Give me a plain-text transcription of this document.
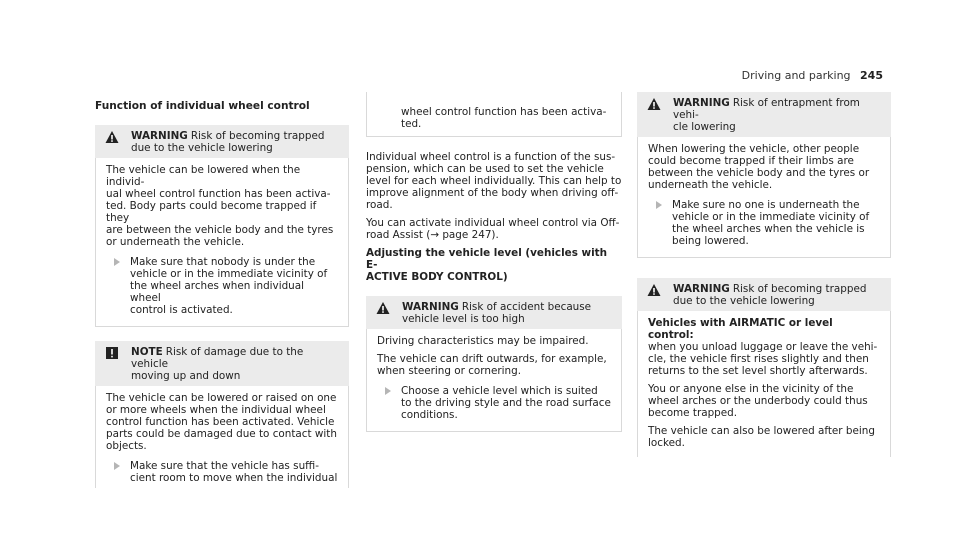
Driving and parking 245
Function of individual wheel control
WARNING Risk of becoming trapped
due to the vehicle lowering

The vehicle can be lowered when the individ-
ual wheel control function has been activa-
ted. Body parts could become trapped if they
are between the vehicle body and the tyres
or underneath the vehicle.

Make sure that nobody is under the
vehicle or in the immediate vicinity of
the wheel arches when individual wheel
control is activated.
NOTE Risk of damage due to the vehicle
moving up and down

The vehicle can be lowered or raised on one
or more wheels when the individual wheel
control function has been activated. Vehicle
parts could be damaged due to contact with
objects.

Make sure that the vehicle has suffi-
cient room to move when the individual
wheel control function has been activa-
ted.

Individual wheel control is a function of the sus-
pension, which can be used to set the vehicle
level for each wheel individually. This can help to
improve alignment of the body when driving off-
road.

You can activate individual wheel control via Off-
road Assist (→ page 247).

Adjusting the vehicle level (vehicles with E-
ACTIVE BODY CONTROL)
WARNING Risk of accident because
vehicle level is too high

Driving characteristics may be impaired.

The vehicle can drift outwards, for example,
when steering or cornering.

Choose a vehicle level which is suited
to the driving style and the road surface
conditions.
WARNING Risk of entrapment from vehi-
cle lowering

When lowering the vehicle, other people
could become trapped if their limbs are
between the vehicle body and the tyres or
underneath the vehicle.

Make sure no one is underneath the
vehicle or in the immediate vicinity of
the wheel arches when the vehicle is
being lowered.
WARNING Risk of becoming trapped
due to the vehicle lowering

Vehicles with AIRMATIC or level control:
when you unload luggage or leave the vehi-
cle, the vehicle first rises slightly and then
returns to the set level shortly afterwards.

You or anyone else in the vicinity of the
wheel arches or the underbody could thus
become trapped.

The vehicle can also be lowered after being
locked.
